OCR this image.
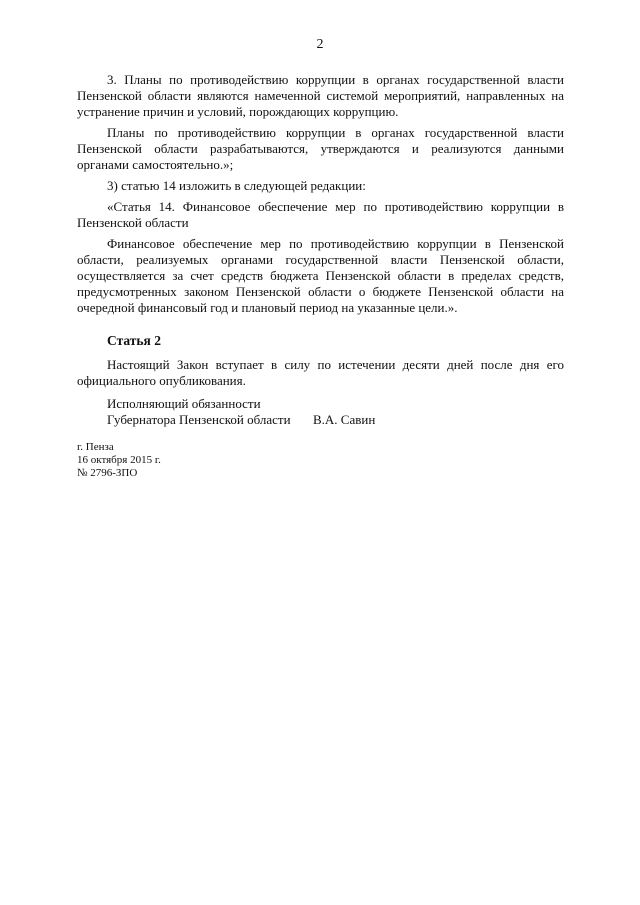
2

3. Планы по противодействию коррупции в органах государственной власти Пензенской области являются намеченной системой мероприятий, направленных на устранение причин и условий, порождающих коррупцию.

Планы по противодействию коррупции в органах государственной власти Пензенской области разрабатываются, утверждаются и реализуются данными органами самостоятельно.»;

3) статью 14 изложить в следующей редакции:

«Статья 14. Финансовое обеспечение мер по противодействию коррупции в Пензенской области

Финансовое обеспечение мер по противодействию коррупции в Пензенской области, реализуемых органами государственной власти Пензенской области, осуществляется за счет средств бюджета Пензенской области в пределах средств, предусмотренных законом Пензенской области о бюджете Пензенской области на очередной финансовый год и плановый период на указанные цели.».

Статья 2

Настоящий Закон вступает в силу по истечении десяти дней после дня его официального опубликования.

Исполняющий обязанности
Губернатора Пензенской области	В.А. Савин
г. Пенза
16 октября 2015 г.
№ 2796-ЗПО
